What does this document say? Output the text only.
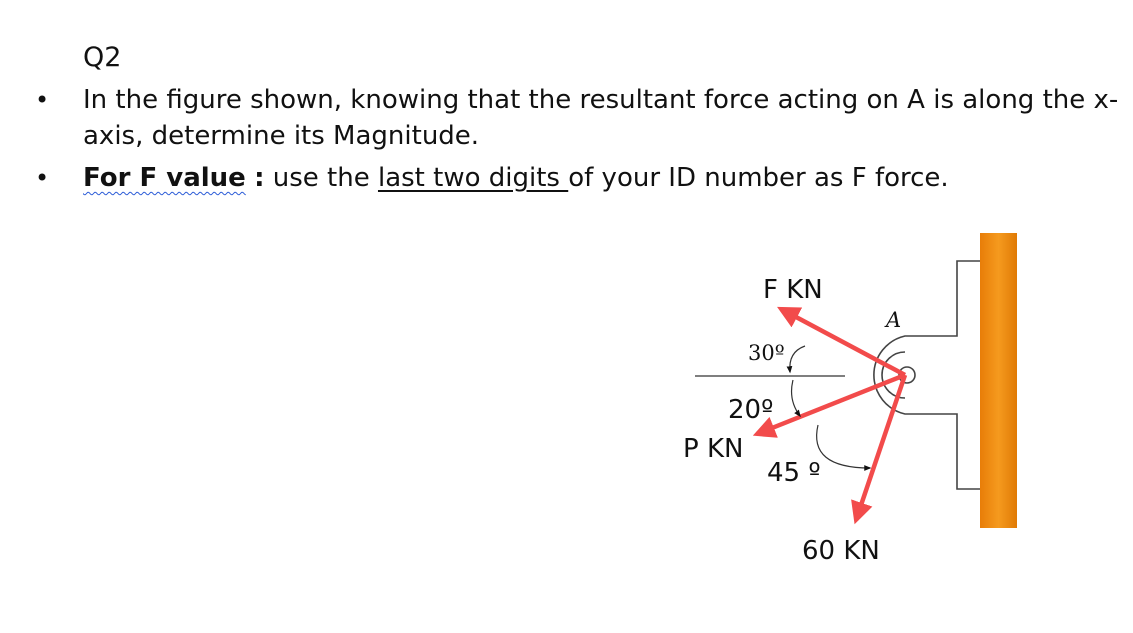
Q2
• In the figure shown, knowing that the resultant force acting on A is along the x-axis, determine its Magnitude.
• For F value : use the last two digits of your ID number as F force.
F KN
P KN
60 KN
A
30º
20º
45 º
